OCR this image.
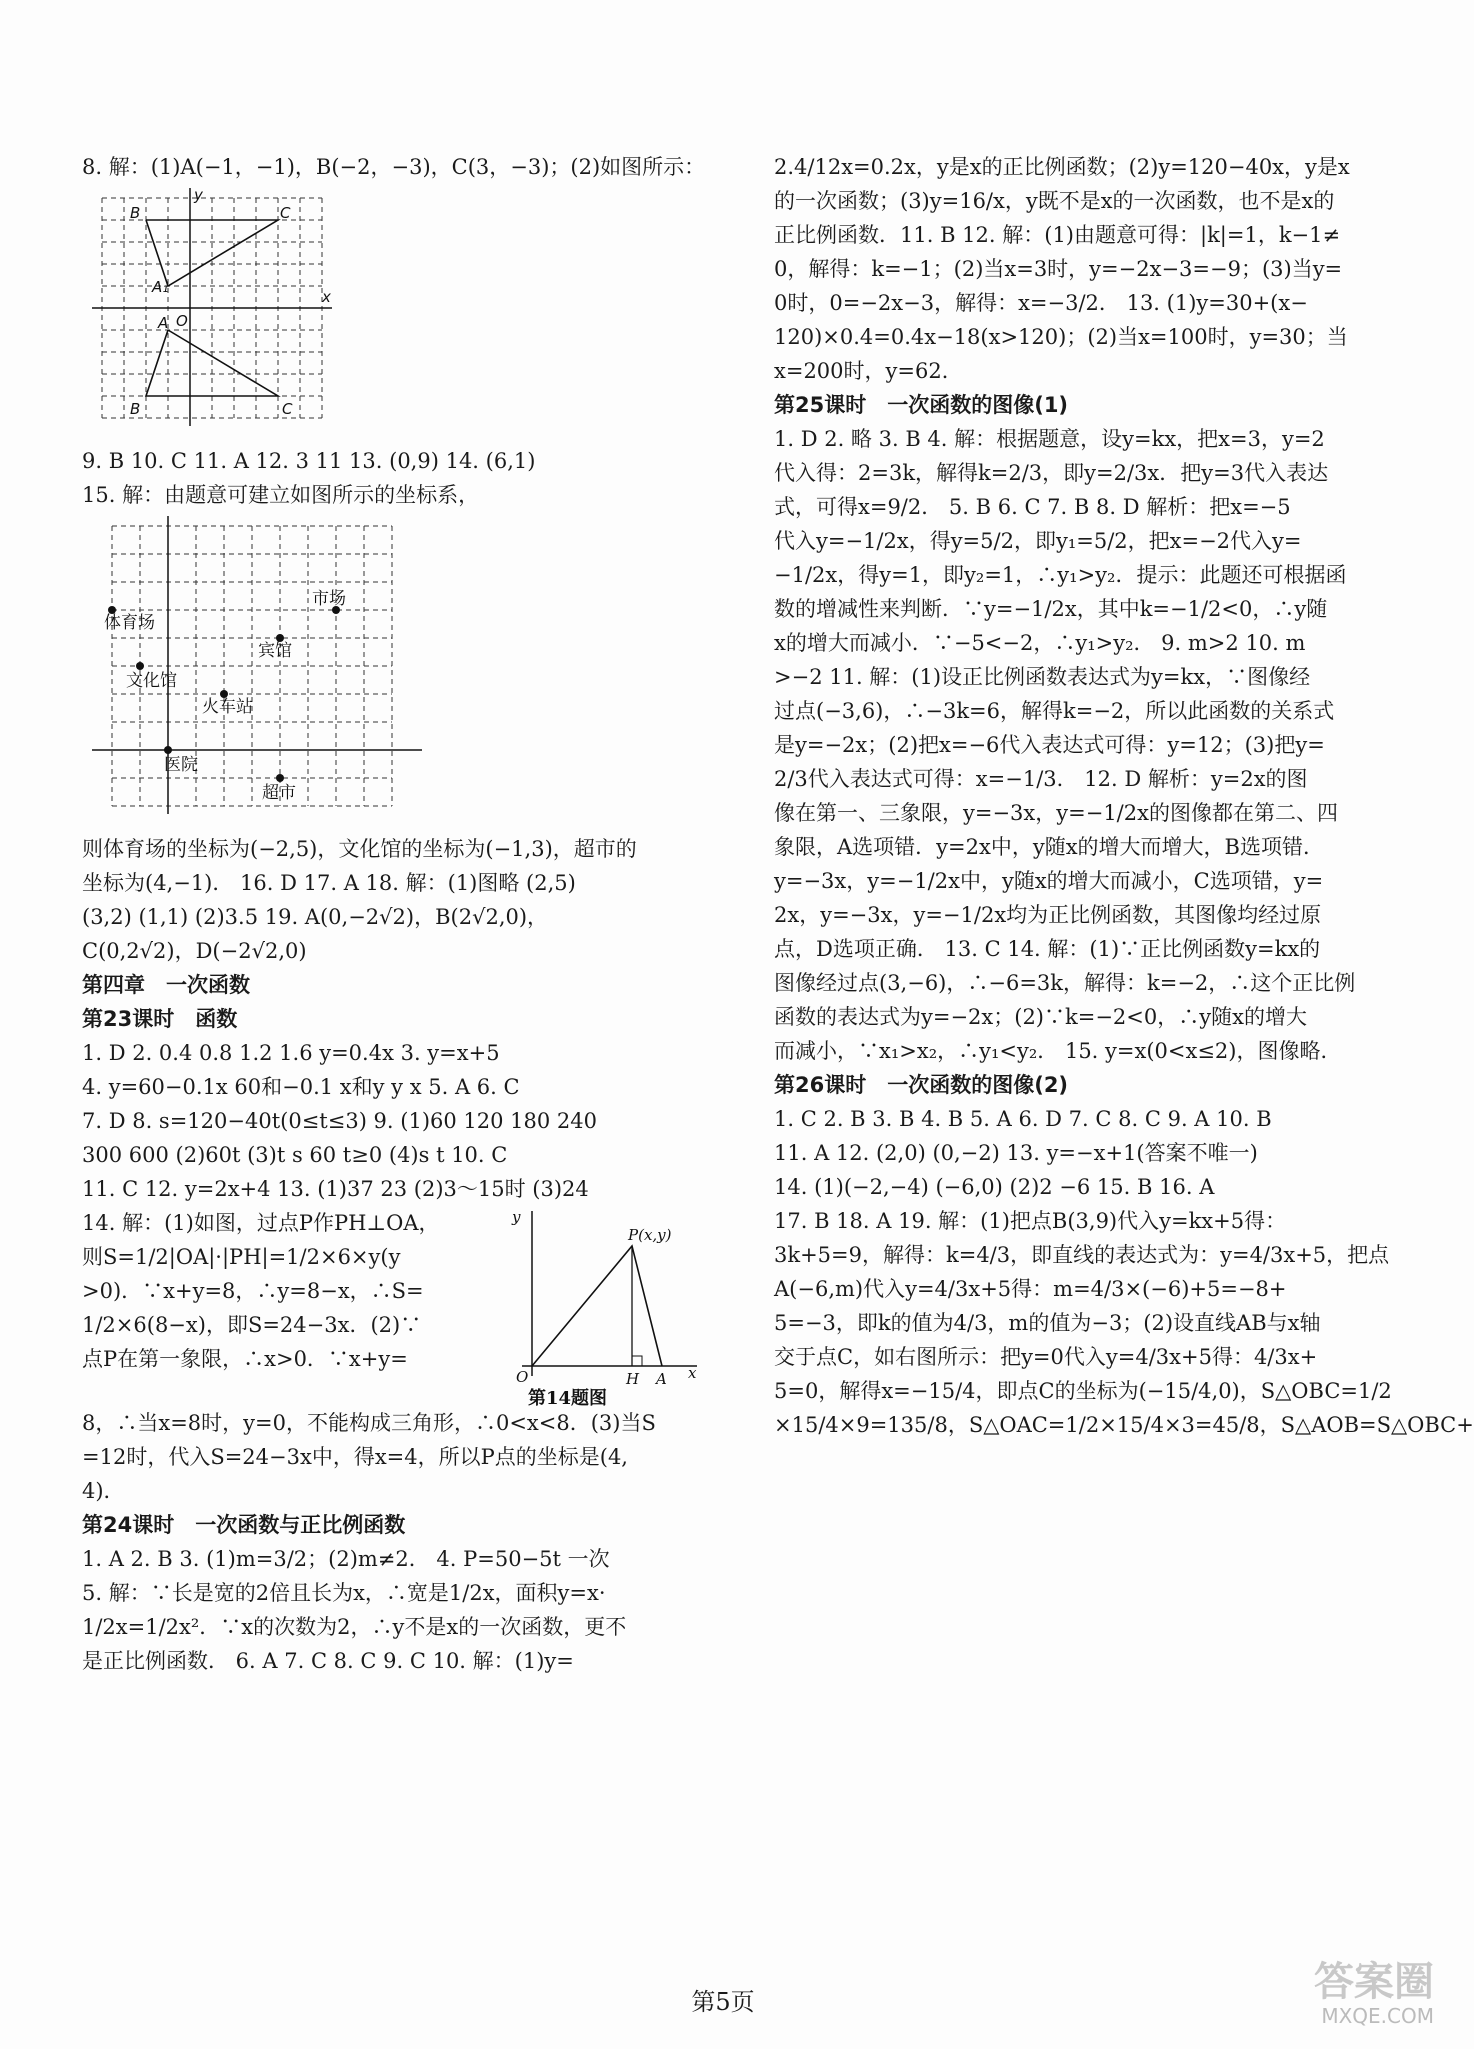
8. 解：(1)A(−1，−1)，B(−2，−3)，C(3，−3)；(2)如图所示：
B	C
A₁
A O
B	C
x
y
9. B 10. C 11. A 12. 3 11 13. (0,9) 14. (6,1)
15. 解：由题意可建立如图所示的坐标系，
体育场
文化馆
市场
宾馆
火车站
医院
超市
则体育场的坐标为(−2,5)，文化馆的坐标为(−1,3)，超市的
坐标为(4,−1)． 16. D 17. A 18. 解：(1)图略 (2,5)
(3,2) (1,1) (2)3.5 19. A(0,−2√2)，B(2√2,0)，
C(0,2√2)，D(−2√2,0)
第四章　一次函数
第23课时　函数
1. D 2. 0.4 0.8 1.2 1.6 y=0.4x 3. y=x+5
4. y=60−0.1x 60和−0.1 x和y y x 5. A 6. C
7. D 8. s=120−40t(0≤t≤3) 9. (1)60 120 180 240
300 600 (2)60t (3)t s 60 t≥0 (4)s t 10. C
11. C 12. y=2x+4 13. (1)37 23 (2)3～15时 (3)24
14. 解：(1)如图，过点P作PH⊥OA，
则S=1/2|OA|·|PH|=1/2×6×y(y
>0)．∵x+y=8，∴y=8−x，∴S=
1/2×6(8−x)，即S=24−3x．(2)∵
点P在第一象限，∴x>0．∵x+y=
y
P(x,y)
O	H A x
第14题图
8，∴当x=8时，y=0，不能构成三角形，∴0<x<8．(3)当S
=12时，代入S=24−3x中，得x=4，所以P点的坐标是(4,
4)．
第24课时　一次函数与正比例函数
1. A 2. B 3. (1)m=3/2；(2)m≠2． 4. P=50−5t 一次
5. 解：∵长是宽的2倍且长为x，∴宽是1/2x，面积y=x·
1/2x=1/2x²．∵x的次数为2，∴y不是x的一次函数，更不
是正比例函数． 6. A 7. C 8. C 9. C 10. 解：(1)y=
2.4/12x=0.2x，y是x的正比例函数；(2)y=120−40x，y是x
的一次函数；(3)y=16/x，y既不是x的一次函数，也不是x的
正比例函数．11. B 12. 解：(1)由题意可得：|k|=1，k−1≠
0，解得：k=−1；(2)当x=3时，y=−2x−3=−9；(3)当y=
0时，0=−2x−3，解得：x=−3/2． 13. (1)y=30+(x−
120)×0.4=0.4x−18(x>120)；(2)当x=100时，y=30；当
x=200时，y=62．
第25课时　一次函数的图像(1)
1. D 2. 略 3. B 4. 解：根据题意，设y=kx，把x=3，y=2
代入得：2=3k，解得k=2/3，即y=2/3x．把y=3代入表达
式，可得x=9/2． 5. B 6. C 7. B 8. D 解析：把x=−5
代入y=−1/2x，得y=5/2，即y₁=5/2，把x=−2代入y=
−1/2x，得y=1，即y₂=1，∴y₁>y₂．提示：此题还可根据函
数的增减性来判断．∵y=−1/2x，其中k=−1/2<0，∴y随
x的增大而减小．∵−5<−2，∴y₁>y₂． 9. m>2 10. m
>−2 11. 解：(1)设正比例函数表达式为y=kx，∵图像经
过点(−3,6)，∴−3k=6，解得k=−2，所以此函数的关系式
是y=−2x；(2)把x=−6代入表达式可得：y=12；(3)把y=
2/3代入表达式可得：x=−1/3． 12. D 解析：y=2x的图
像在第一、三象限，y=−3x，y=−1/2x的图像都在第二、四
象限，A选项错．y=2x中，y随x的增大而增大，B选项错．
y=−3x，y=−1/2x中，y随x的增大而减小，C选项错，y=
2x，y=−3x，y=−1/2x均为正比例函数，其图像均经过原
点，D选项正确． 13. C 14. 解：(1)∵正比例函数y=kx的
图像经过点(3,−6)，∴−6=3k，解得：k=−2，∴这个正比例
函数的表达式为y=−2x；(2)∵k=−2<0，∴y随x的增大
而减小，∵x₁>x₂，∴y₁<y₂． 15. y=x(0<x≤2)，图像略．
第26课时　一次函数的图像(2)
1. C 2. B 3. B 4. B 5. A 6. D 7. C 8. C 9. A 10. B
11. A 12. (2,0) (0,−2) 13. y=−x+1(答案不唯一)
14. (1)(−2,−4) (−6,0) (2)2 −6 15. B 16. A
17. B 18. A 19. 解：(1)把点B(3,9)代入y=kx+5得：
3k+5=9，解得：k=4/3，即直线的表达式为：y=4/3x+5，把点
A(−6,m)代入y=4/3x+5得：m=4/3×(−6)+5=−8+
5=−3，即k的值为4/3，m的值为−3；(2)设直线AB与x轴
交于点C，如右图所示：把y=0代入y=4/3x+5得：4/3x+
5=0，解得x=−15/4，即点C的坐标为(−15/4,0)，S△OBC=1/2
×15/4×9=135/8，S△OAC=1/2×15/4×3=45/8，S△AOB=S△OBC+
第5页	答案圈
MXQE.COM
